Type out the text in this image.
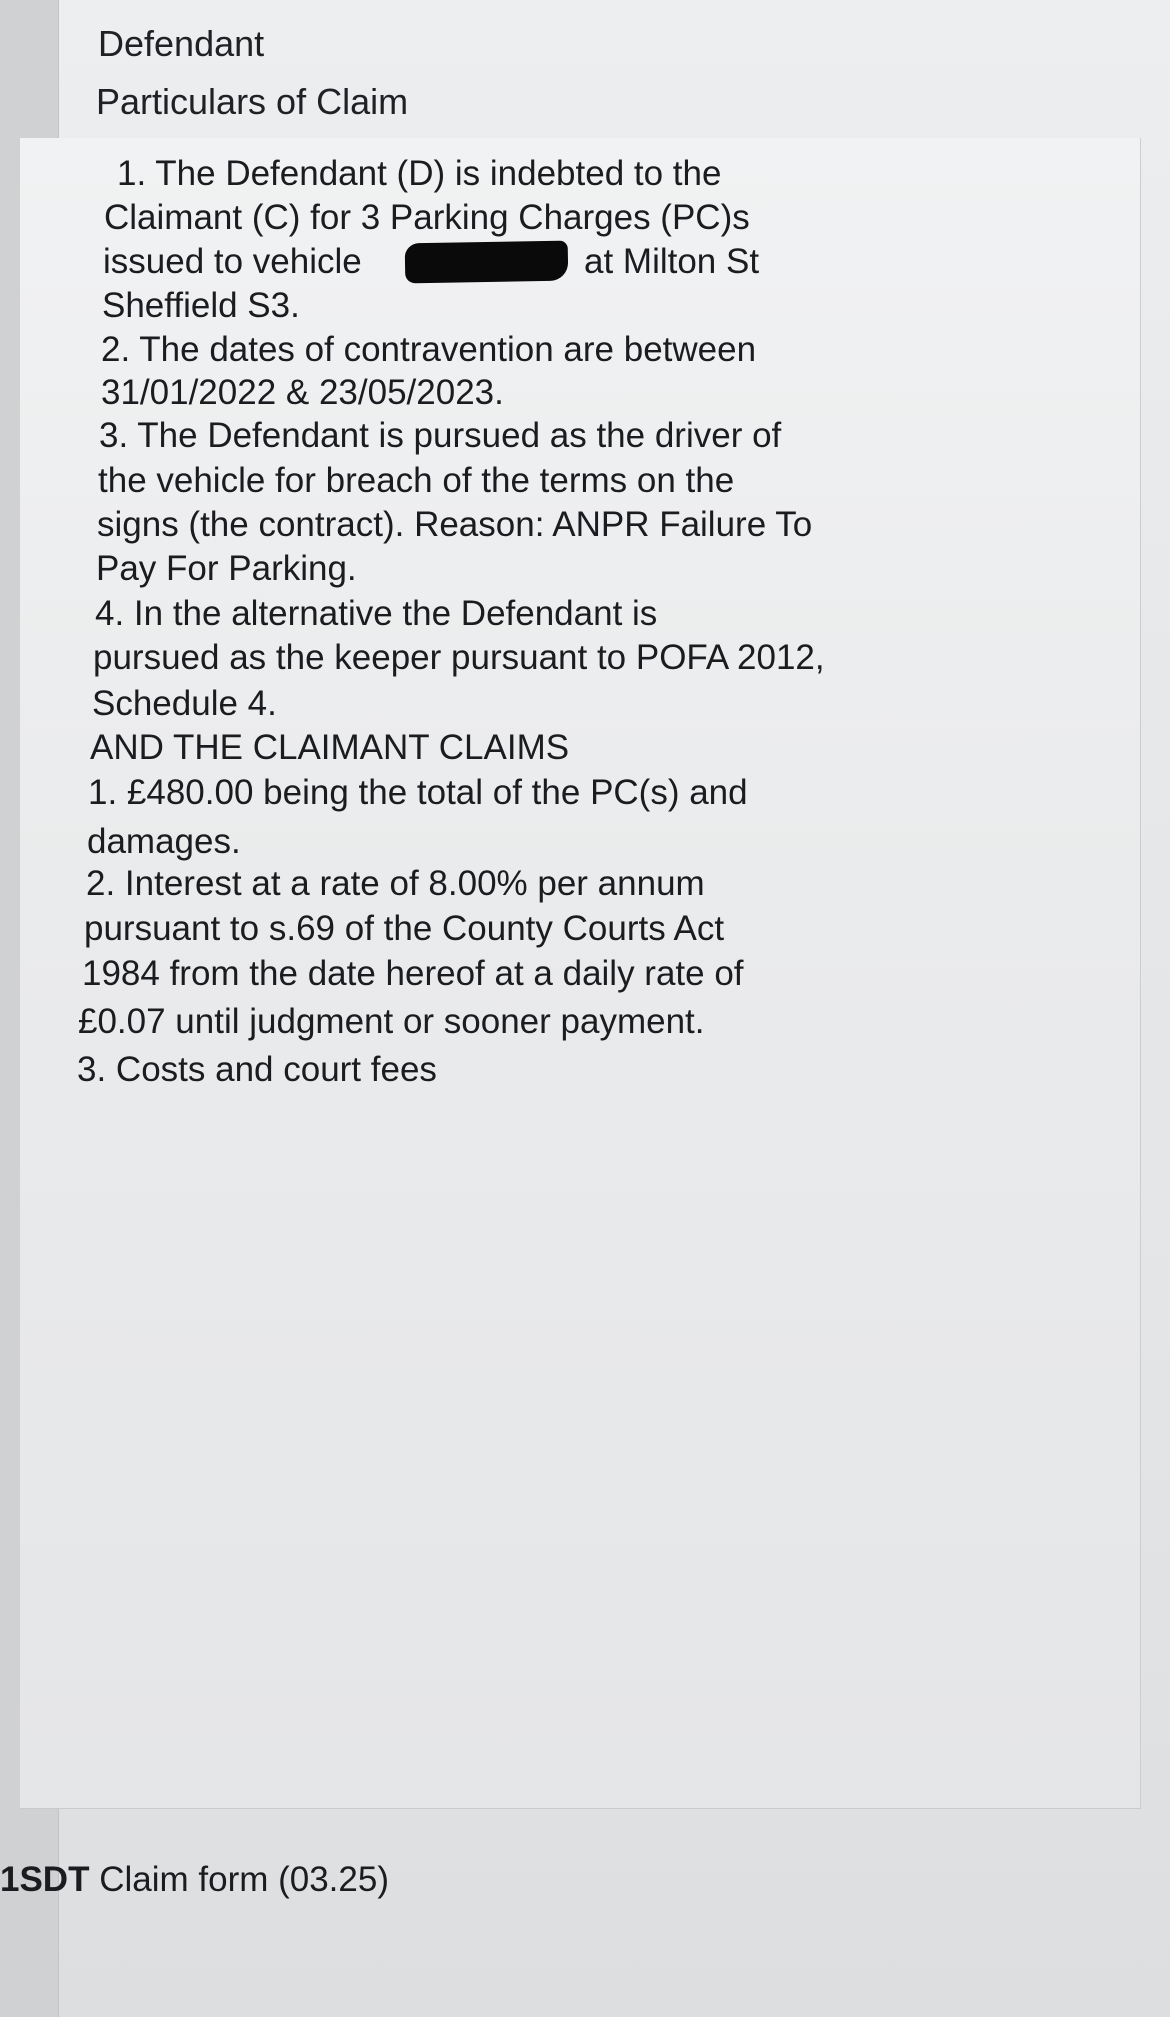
Defendant
Particulars of Claim

1. The Defendant (D) is indebted to the

Claimant (C) for 3 Parking Charges (PC)s

issued to vehicle	at Milton St

Sheffield S3.

2. The dates of contravention are between

31/01/2022 & 23/05/2023.

3. The Defendant is pursued as the driver of

the vehicle for breach of the terms on the

signs (the contract). Reason: ANPR Failure To

Pay For Parking.

4. In the alternative the Defendant is

pursued as the keeper pursuant to POFA 2012,

Schedule 4.

AND THE CLAIMANT CLAIMS

1. £480.00 being the total of the PC(s) and

damages.

2. Interest at a rate of 8.00% per annum

pursuant to s.69 of the County Courts Act

1984 from the date hereof at a daily rate of

£0.07 until judgment or sooner payment.

3. Costs and court fees

1SDT Claim form (03.25)
